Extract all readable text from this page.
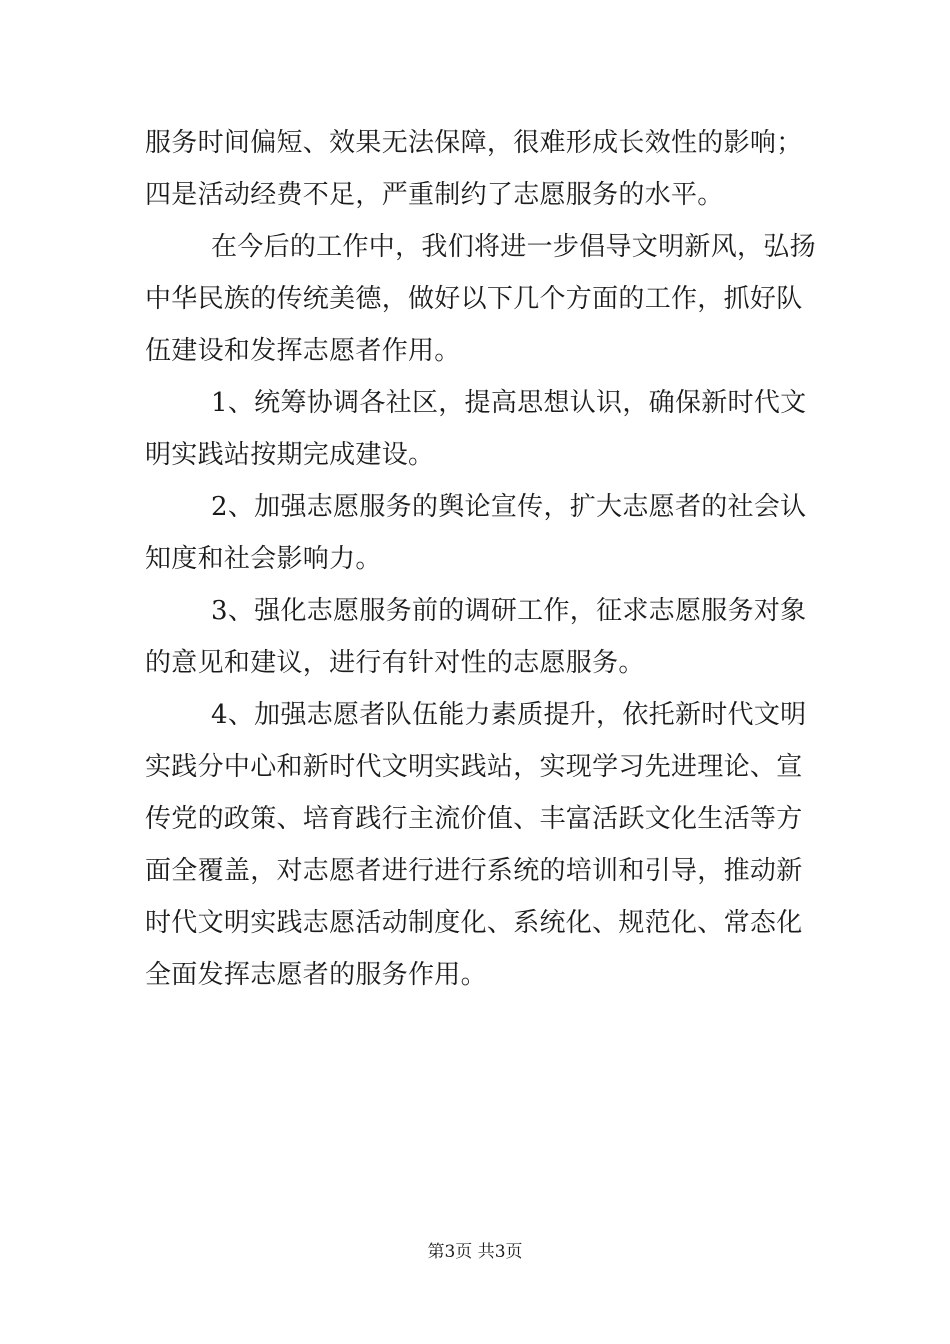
服务时间偏短、效果无法保障，很难形成长效性的影响；
四是活动经费不足，严重制约了志愿服务的水平。
在今后的工作中，我们将进一步倡导文明新风，弘扬
中华民族的传统美德，做好以下几个方面的工作，抓好队
伍建设和发挥志愿者作用。
1、统筹协调各社区，提高思想认识，确保新时代文
明实践站按期完成建设。
2、加强志愿服务的舆论宣传，扩大志愿者的社会认
知度和社会影响力。
3、强化志愿服务前的调研工作，征求志愿服务对象
的意见和建议，进行有针对性的志愿服务。
4、加强志愿者队伍能力素质提升，依托新时代文明
实践分中心和新时代文明实践站，实现学习先进理论、宣
传党的政策、培育践行主流价值、丰富活跃文化生活等方
面全覆盖，对志愿者进行进行系统的培训和引导，推动新
时代文明实践志愿活动制度化、系统化、规范化、常态化
全面发挥志愿者的服务作用。
第3页 共3页
